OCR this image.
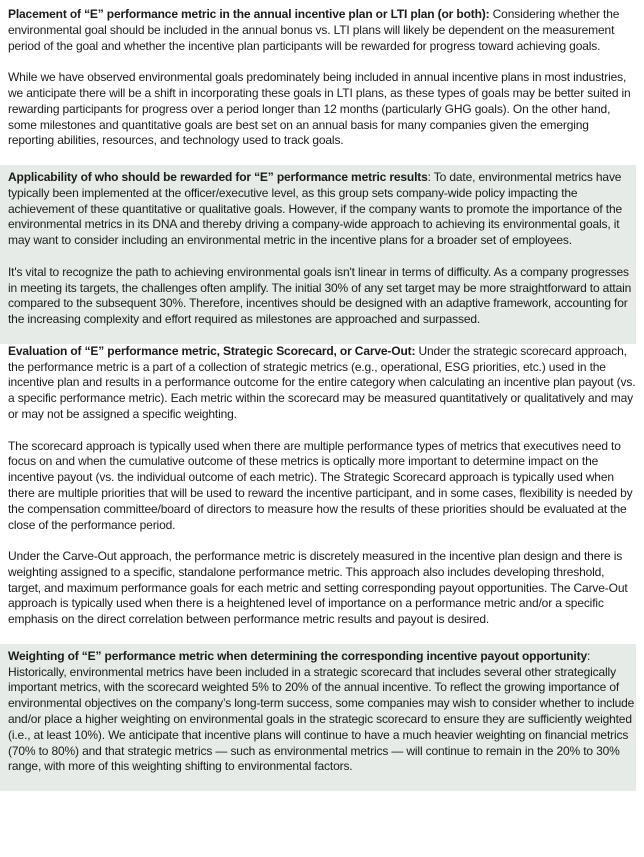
Placement of “E” performance metric in the annual incentive plan or LTI plan (or both): Considering whether the environmental goal should be included in the annual bonus vs. LTI plans will likely be dependent on the measurement period of the goal and whether the incentive plan participants will be rewarded for progress toward achieving goals.

While we have observed environmental goals predominately being included in annual incentive plans in most industries, we anticipate there will be a shift in incorporating these goals in LTI plans, as these types of goals may be better suited in rewarding participants for progress over a period longer than 12 months (particularly GHG goals). On the other hand, some milestones and quantitative goals are best set on an annual basis for many companies given the emerging reporting abilities, resources, and technology used to track goals.

Applicability of who should be rewarded for “E” performance metric results: To date, environmental metrics have typically been implemented at the officer/executive level, as this group sets company-wide policy impacting the achievement of these quantitative or qualitative goals. However, if the company wants to promote the importance of the environmental metrics in its DNA and thereby driving a company-wide approach to achieving its environmental goals, it may want to consider including an environmental metric in the incentive plans for a broader set of employees.

It's vital to recognize the path to achieving environmental goals isn't linear in terms of difficulty. As a company progresses in meeting its targets, the challenges often amplify. The initial 30% of any set target may be more straightforward to attain compared to the subsequent 30%. Therefore, incentives should be designed with an adaptive framework, accounting for the increasing complexity and effort required as milestones are approached and surpassed.

Evaluation of “E” performance metric, Strategic Scorecard, or Carve-Out: Under the strategic scorecard approach, the performance metric is a part of a collection of strategic metrics (e.g., operational, ESG priorities, etc.) used in the incentive plan and results in a performance outcome for the entire category when calculating an incentive plan payout (vs. a specific performance metric). Each metric within the scorecard may be measured quantitatively or qualitatively and may or may not be assigned a specific weighting.

The scorecard approach is typically used when there are multiple performance types of metrics that executives need to focus on and when the cumulative outcome of these metrics is optically more important to determine impact on the incentive payout (vs. the individual outcome of each metric). The Strategic Scorecard approach is typically used when there are multiple priorities that will be used to reward the incentive participant, and in some cases, flexibility is needed by the compensation committee/board of directors to measure how the results of these priorities should be evaluated at the close of the performance period.

Under the Carve-Out approach, the performance metric is discretely measured in the incentive plan design and there is weighting assigned to a specific, standalone performance metric. This approach also includes developing threshold, target, and maximum performance goals for each metric and setting corresponding payout opportunities. The Carve-Out approach is typically used when there is a heightened level of importance on a performance metric and/or a specific emphasis on the direct correlation between performance metric results and payout is desired.

Weighting of “E” performance metric when determining the corresponding incentive payout opportunity: Historically, environmental metrics have been included in a strategic scorecard that includes several other strategically important metrics, with the scorecard weighted 5% to 20% of the annual incentive. To reflect the growing importance of environmental objectives on the company’s long-term success, some companies may wish to consider whether to include and/or place a higher weighting on environmental goals in the strategic scorecard to ensure they are sufficiently weighted (i.e., at least 10%). We anticipate that incentive plans will continue to have a much heavier weighting on financial metrics (70% to 80%) and that strategic metrics — such as environmental metrics — will continue to remain in the 20% to 30% range, with more of this weighting shifting to environmental factors.
